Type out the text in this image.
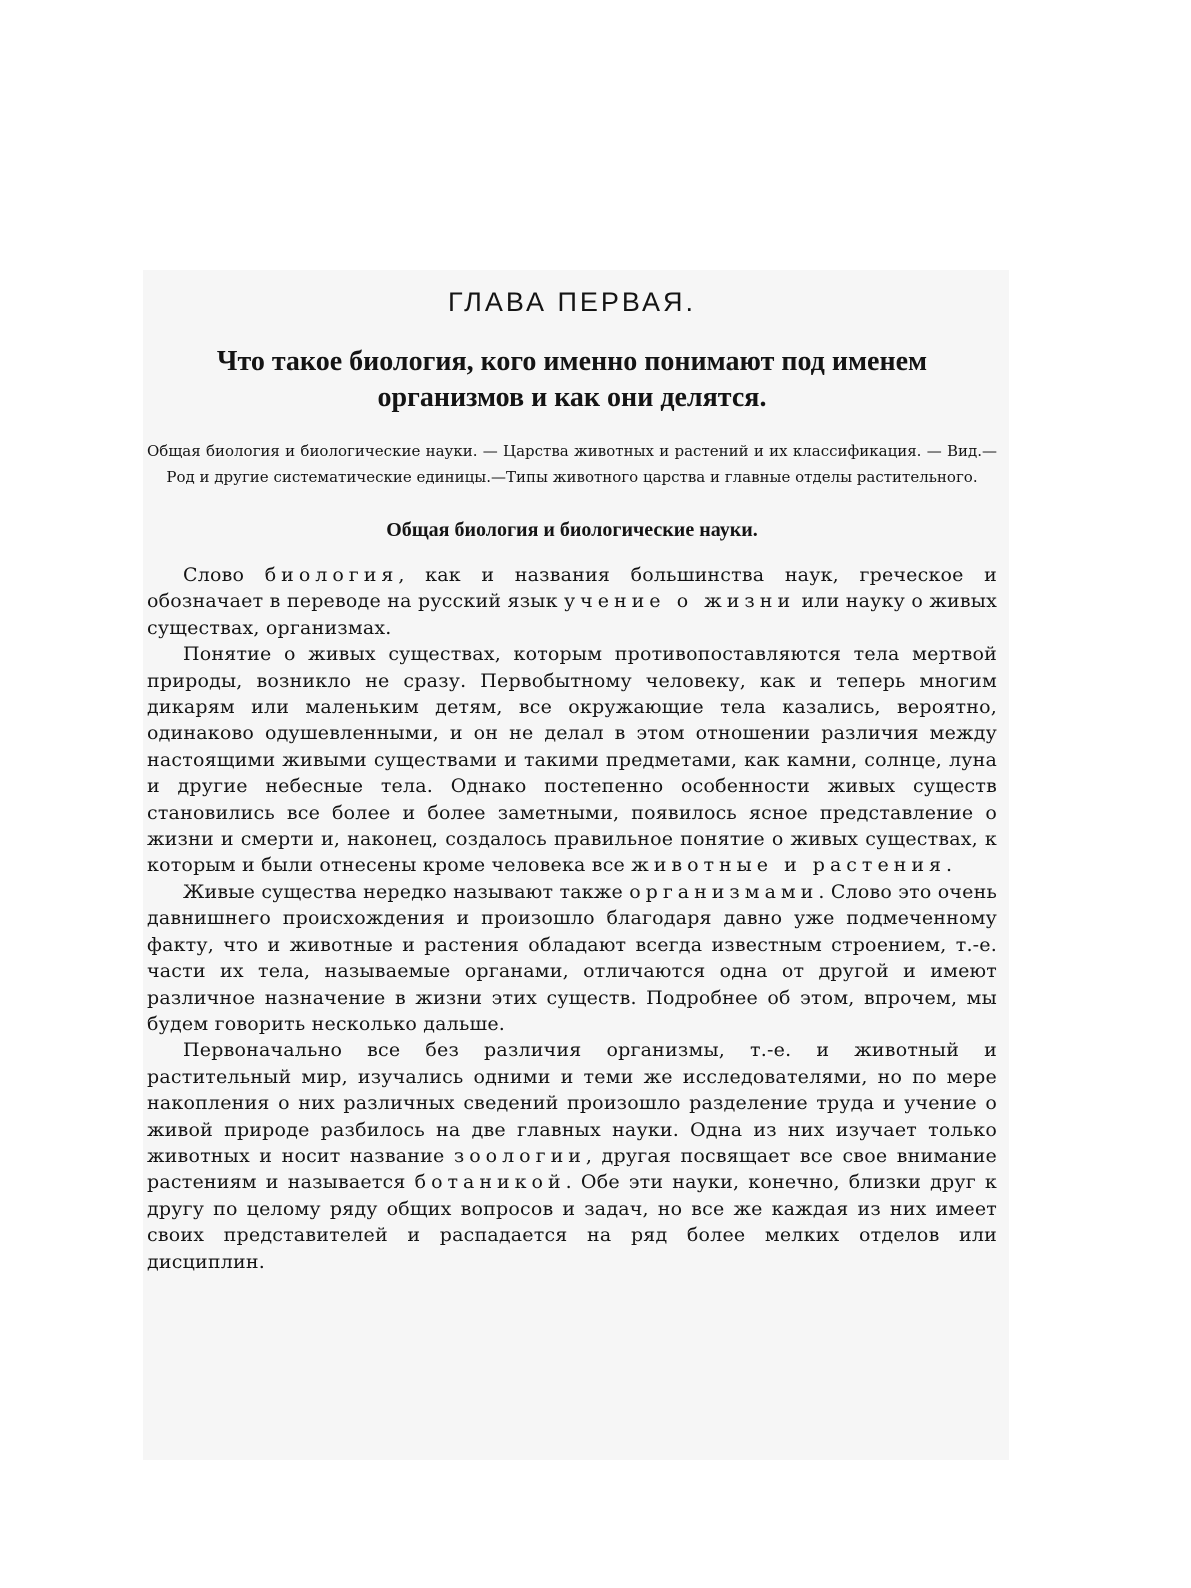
ГЛАВА ПЕРВАЯ.
Что такое биология, кого именно понимают под именем организмов и как они делятся.
Общая биология и биологические науки. — Царства животных и растений и их классификация. — Вид.—Род и другие систематические единицы.—Типы животного царства и главные отделы растительного.
Общая биология и биологические науки.

Слово биология, как и названия большинства наук, греческое и обозначает в переводе на русский язык учение о жизни или науку о живых существах, организмах.

Понятие о живых существах, которым противопоставляются тела мертвой природы, возникло не сразу. Первобытному человеку, как и теперь многим дикарям или маленьким детям, все окружающие тела казались, вероятно, одинаково одушевленными, и он не делал в этом отношении различия между настоящими живыми существами и такими предметами, как камни, солнце, луна и другие небесные тела. Однако постепенно особенности живых существ становились все более и более заметными, появилось ясное представление о жизни и смерти и, наконец, создалось правильное понятие о живых существах, к которым и были отнесены кроме человека все животные и растения.

Живые существа нередко называют также организмами. Слово это очень давнишнего происхождения и произошло благодаря давно уже подмеченному факту, что и животные и растения обладают всегда известным строением, т.-е. части их тела, называемые органами, отличаются одна от другой и имеют различное назначение в жизни этих существ. Подробнее об этом, впрочем, мы будем говорить несколько дальше.

Первоначально все без различия организмы, т.-е. и животный и растительный мир, изучались одними и теми же исследователями, но по мере накопления о них различных сведений произошло разделение труда и учение о живой природе разбилось на две главных науки. Одна из них изучает только животных и носит название зоологии, другая посвящает все свое внимание растениям и называется ботаникой. Обе эти науки, конечно, близки друг к другу по целому ряду общих вопросов и задач, но все же каждая из них имеет своих представителей и распадается на ряд более мелких отделов или дисциплин.
